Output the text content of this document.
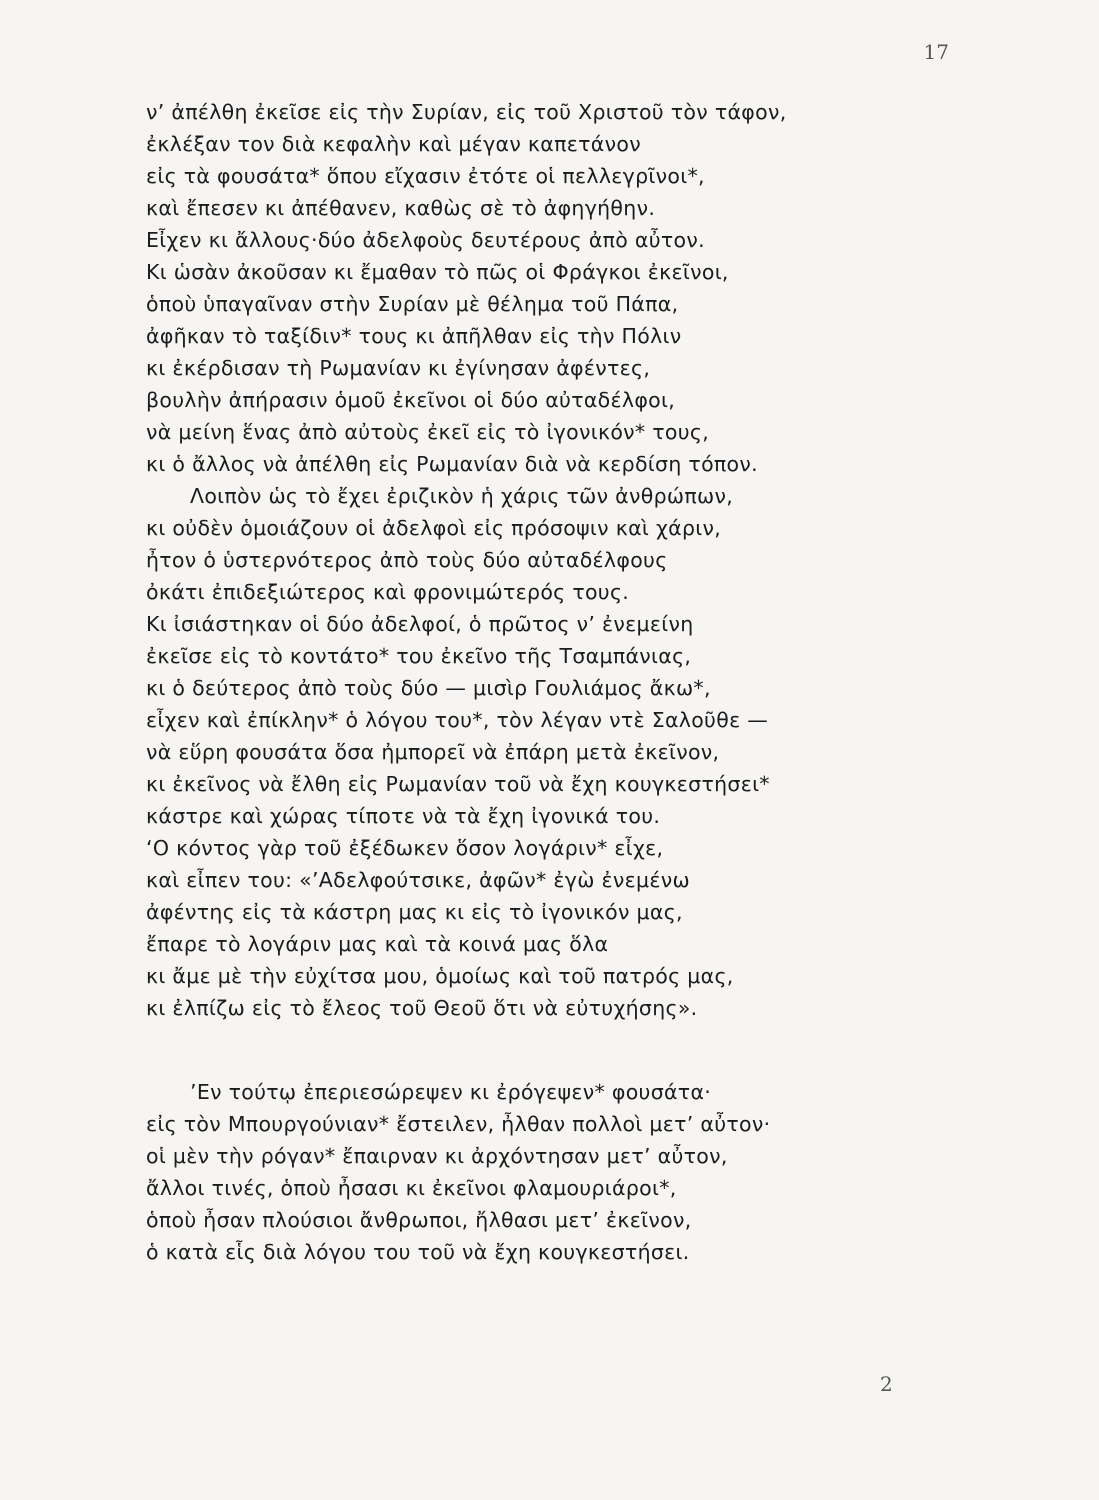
17
ν’ ἀπέλθη ἐκεῖσε εἰς τὴν Συρίαν, εἰς τοῦ Χριστοῦ τὸν τάφον,
ἐκλέξαν τον διὰ κεφαλὴν καὶ μέγαν καπετάνον
εἰς τὰ φουσάτα* ὅπου εἴχασιν ἐτότε οἱ πελλεγρῖνοι*,
καὶ ἔπεσεν κι ἀπέθανεν, καθὼς σὲ τὸ ἀφηγήθην.
Εἶχεν κι ἄλλους·δύο ἀδελφοὺς δευτέρους ἀπὸ αὖτον.
Κι ὡσὰν ἀκοῦσαν κι ἔμαθαν τὸ πῶς οἱ Φράγκοι ἐκεῖνοι,
ὁποὺ ὑπαγαῖναν στὴν Συρίαν μὲ θέλημα τοῦ Πάπα,
ἀφῆκαν τὸ ταξίδιν* τους κι ἀπῆλθαν εἰς τὴν Πόλιν
κι ἐκέρδισαν τὴ Ρωμανίαν κι ἐγίνησαν ἀφέντες,
βουλὴν ἀπήρασιν ὁμοῦ ἐκεῖνοι οἱ δύο αὐταδέλφοι,
νὰ μείνη ἕνας ἀπὸ αὐτοὺς ἐκεῖ εἰς τὸ ἰγονικόν* τους,
κι ὁ ἄλλος νὰ ἀπέλθη εἰς Ρωμανίαν διὰ νὰ κερδίση τόπον.
Λοιπὸν ὡς τὸ ἔχει ἐριζικὸν ἡ χάρις τῶν ἀνθρώπων,
κι οὐδὲν ὁμοιάζουν οἱ ἀδελφοὶ εἰς πρόσοψιν καὶ χάριν,
ἦτον ὁ ὑστερνότερος ἀπὸ τοὺς δύο αὐταδέλφους
ὀκάτι ἐπιδεξιώτερος καὶ φρονιμώτερός τους.
Κι ἰσιάστηκαν οἱ δύο ἀδελφοί, ὁ πρῶτος ν’ ἐνεμείνη
ἐκεῖσε εἰς τὸ κοντάτο* του ἐκεῖνο τῆς Τσαμπάνιας,
κι ὁ δεύτερος ἀπὸ τοὺς δύο — μισὶρ Γουλιάμος ἄκω*,
εἶχεν καὶ ἐπίκλην* ὁ λόγου του*, τὸν λέγαν ντὲ Σαλοῦθε —
νὰ εὕρη φουσάτα ὅσα ἠμπορεῖ νὰ ἐπάρη μετὰ ἐκεῖνον,
κι ἐκεῖνος νὰ ἔλθη εἰς Ρωμανίαν τοῦ νὰ ἔχη κουγκεστήσει*
κάστρε καὶ χώρας τίποτε νὰ τὰ ἔχη ἰγονικά του.
‘Ο κόντος γὰρ τοῦ ἐξέδωκεν ὅσον λογάριν* εἶχε,
καὶ εἶπεν του: «’Αδελφούτσικε, ἀφῶν* ἐγὼ ἐνεμένω
ἀφέντης εἰς τὰ κάστρη μας κι εἰς τὸ ἰγονικόν μας,
ἔπαρε τὸ λογάριν μας καὶ τὰ κοινά μας ὅλα
κι ἄμε μὲ τὴν εὐχίτσα μου, ὁμοίως καὶ τοῦ πατρός μας,
κι ἐλπίζω εἰς τὸ ἔλεος τοῦ Θεοῦ ὅτι νὰ εὐτυχήσης».
’Εν τούτῳ ἐπεριεσώρεψεν κι ἐρόγεψεν* φουσάτα·
εἰς τὸν Μπουργούνιαν* ἔστειλεν, ἦλθαν πολλοὶ μετ’ αὖτον·
οἱ μὲν τὴν ρόγαν* ἔπαιρναν κι ἀρχόντησαν μετ’ αὖτον,
ἄλλοι τινές, ὁποὺ ἦσασι κι ἐκεῖνοι φλαμουριάροι*,
ὁποὺ ἦσαν πλούσιοι ἄνθρωποι, ἤλθασι μετ’ ἐκεῖνον,
ὁ κατὰ εἷς διὰ λόγου του τοῦ νὰ ἔχη κουγκεστήσει.
2
